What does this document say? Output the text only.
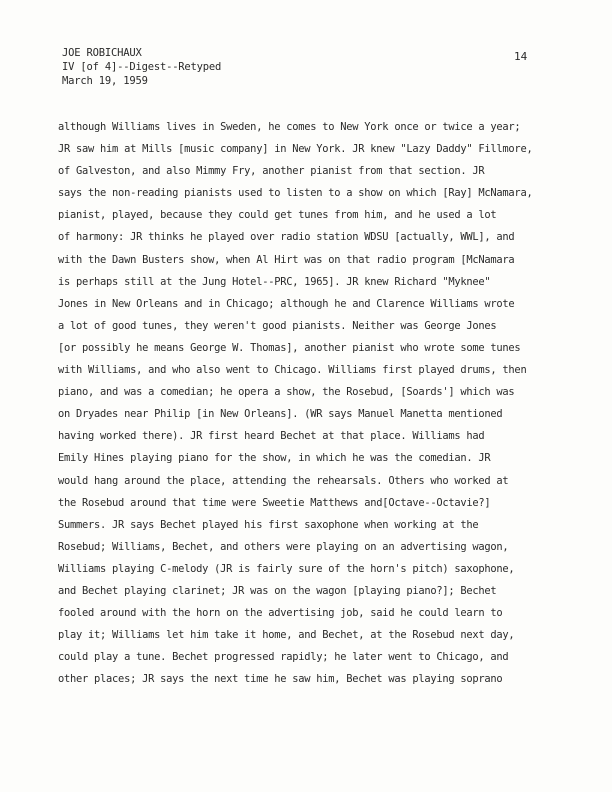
JOE ROBICHAUX
IV [of 4]--Digest--Retyped
March 19, 1959
14
although Williams lives in Sweden, he comes to New York once or twice a year;
JR saw him at Mills [music company] in New York. JR knew "Lazy Daddy" Fillmore,
of Galveston, and also Mimmy Fry, another pianist from that section. JR
says the non-reading pianists used to listen to a show on which [Ray] McNamara,
pianist, played, because they could get tunes from him, and he used a lot
of harmony: JR thinks he played over radio station WDSU [actually, WWL], and
with the Dawn Busters show, when Al Hirt was on that radio program [McNamara
is perhaps still at the Jung Hotel--PRC, 1965]. JR knew Richard "Myknee"
Jones in New Orleans and in Chicago; although he and Clarence Williams wrote
a lot of good tunes, they weren't good pianists. Neither was George Jones
[or possibly he means George W. Thomas], another pianist who wrote some tunes
with Williams, and who also went to Chicago. Williams first played drums, then
piano, and was a comedian; he opera a show, the Rosebud, [Soards'] which was
on Dryades near Philip [in New Orleans]. (WR says Manuel Manetta mentioned
having worked there). JR first heard Bechet at that place. Williams had
Emily Hines playing piano for the show, in which he was the comedian. JR
would hang around the place, attending the rehearsals. Others who worked at
the Rosebud around that time were Sweetie Matthews and[Octave--Octavie?]
Summers. JR says Bechet played his first saxophone when working at the
Rosebud; Williams, Bechet, and others were playing on an advertising wagon,
Williams playing C-melody (JR is fairly sure of the horn's pitch) saxophone,
and Bechet playing clarinet; JR was on the wagon [playing piano?]; Bechet
fooled around with the horn on the advertising job, said he could learn to
play it; Williams let him take it home, and Bechet, at the Rosebud next day,
could play a tune. Bechet progressed rapidly; he later went to Chicago, and
other places; JR says the next time he saw him, Bechet was playing soprano
